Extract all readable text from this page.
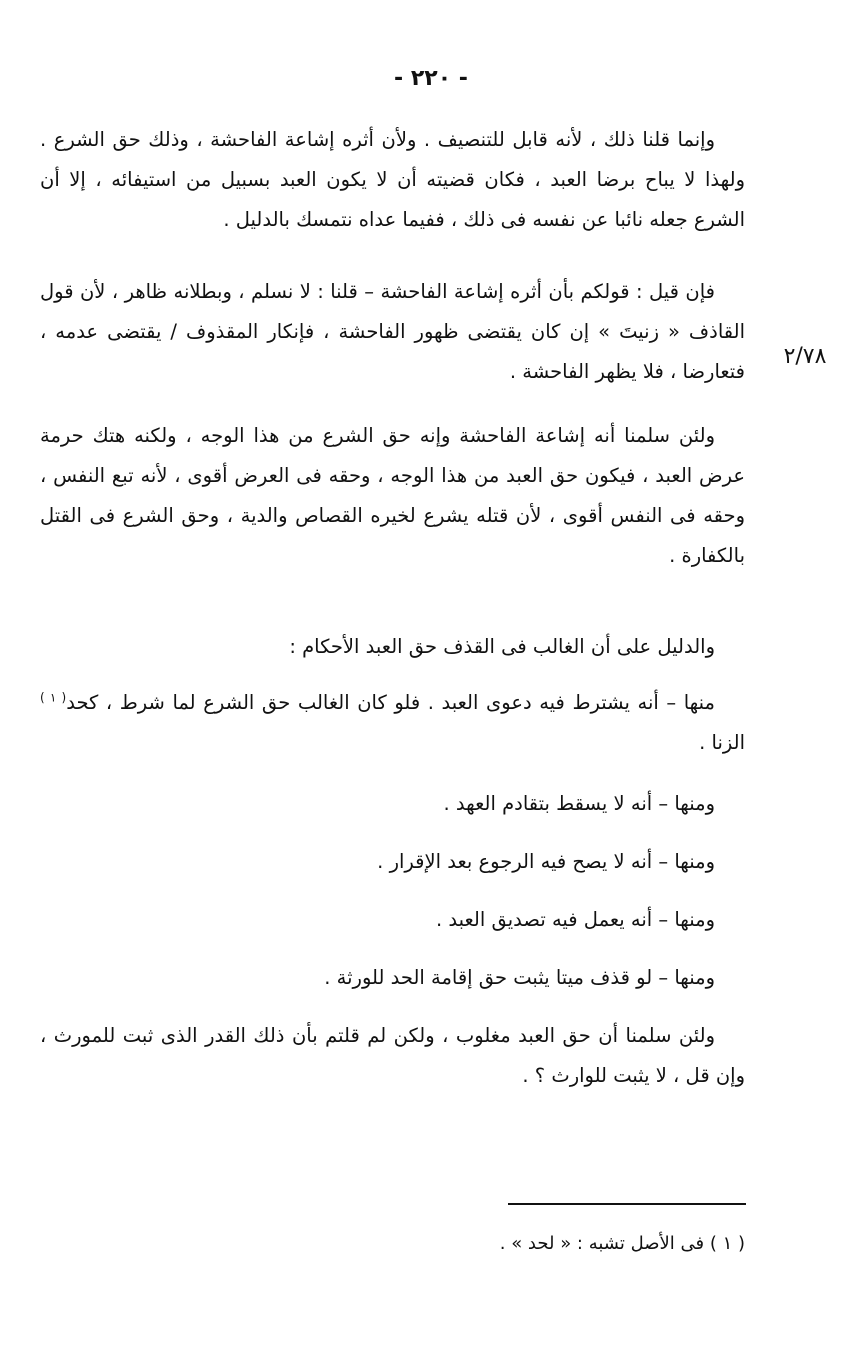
- ٢٢٠ -
٢/٧٨

وإنما قلنا ذلك ، لأنه قابل للتنصيف . ولأن أثره إشاعة الفاحشة ، وذلك حق الشرع . ولهذا لا يباح برضا العبد ، فكان قضيته أن لا يكون العبد بسبيل من استيفائه ، إلا أن الشرع جعله نائبا عن نفسه فى ذلك ، ففيما عداه نتمسك بالدليل .

فإن قيل : قولكم بأن أثره إشاعة الفاحشة – قلنا : لا نسلم ، وبطلانه ظاهر ، لأن قول القاذف « زنيتَ » إن كان يقتضى ظهور الفاحشة ، فإنكار المقذوف / يقتضى عدمه ، فتعارضا ، فلا يظهر الفاحشة .

ولئن سلمنا أنه إشاعة الفاحشة وإنه حق الشرع من هذا الوجه ، ولكنه هتك حرمة عرض العبد ، فيكون حق العبد من هذا الوجه ، وحقه فى العرض أقوى ، لأنه تبع النفس ، وحقه فى النفس أقوى ، لأن قتله يشرع لخيره القصاص والدية ، وحق الشرع فى القتل بالكفارة .

والدليل على أن الغالب فى القذف حق العبد الأحكام :

منها – أنه يشترط فيه دعوى العبد . فلو كان الغالب حق الشرع لما شرط ، كحد$^{( ١ )}$ الزنا .

ومنها – أنه لا يسقط بتقادم العهد .

ومنها – أنه لا يصح فيه الرجوع بعد الإقرار .

ومنها – أنه يعمل فيه تصديق العبد .

ومنها – لو قذف ميتا يثبت حق إقامة الحد للورثة .

ولئن سلمنا أن حق العبد مغلوب ، ولكن لم قلتم بأن ذلك القدر الذى ثبت للمورث ، وإن قل ، لا يثبت للوارث ؟ .

( ١ ) فى الأصل تشبه : « لحد » .
